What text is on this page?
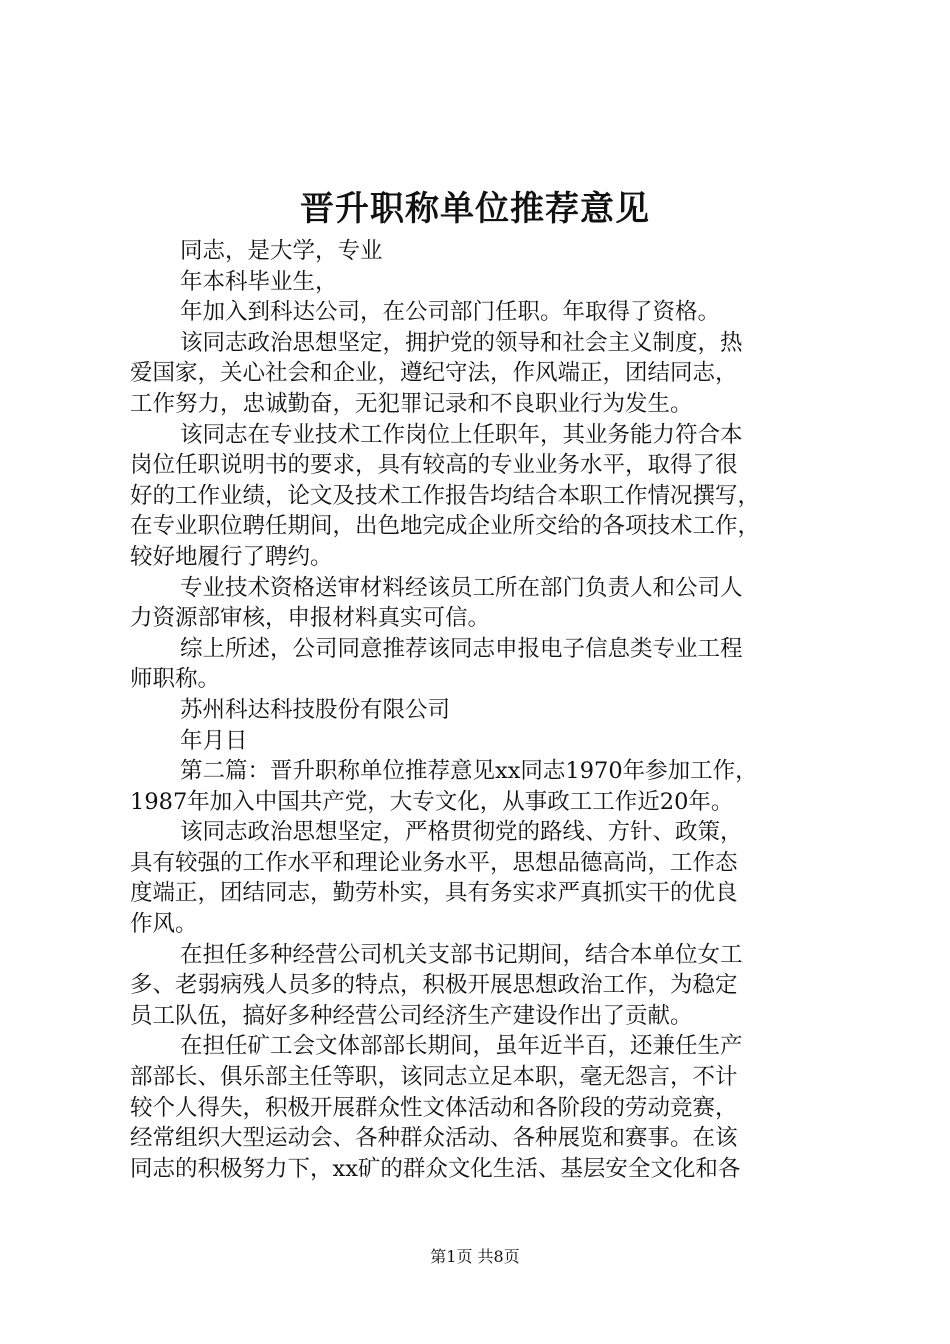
晋升职称单位推荐意见
同志，是大学，专业
年本科毕业生，
年加入到科达公司，在公司部门任职。年取得了资格。
该同志政治思想坚定，拥护党的领导和社会主义制度，热
爱国家，关心社会和企业，遵纪守法，作风端正，团结同志，
工作努力，忠诚勤奋，无犯罪记录和不良职业行为发生。
该同志在专业技术工作岗位上任职年，其业务能力符合本
岗位任职说明书的要求，具有较高的专业业务水平，取得了很
好的工作业绩，论文及技术工作报告均结合本职工作情况撰写，
在专业职位聘任期间，出色地完成企业所交给的各项技术工作，
较好地履行了聘约。
专业技术资格送审材料经该员工所在部门负责人和公司人
力资源部审核，申报材料真实可信。
综上所述，公司同意推荐该同志申报电子信息类专业工程
师职称。
苏州科达科技股份有限公司
年月日
第二篇：晋升职称单位推荐意见xx同志1970年参加工作，
1987年加入中国共产党，大专文化，从事政工工作近20年。
该同志政治思想坚定，严格贯彻党的路线、方针、政策，
具有较强的工作水平和理论业务水平，思想品德高尚，工作态
度端正，团结同志，勤劳朴实，具有务实求严真抓实干的优良
作风。
在担任多种经营公司机关支部书记期间，结合本单位女工
多、老弱病残人员多的特点，积极开展思想政治工作，为稳定
员工队伍，搞好多种经营公司经济生产建设作出了贡献。
在担任矿工会文体部部长期间，虽年近半百，还兼任生产
部部长、俱乐部主任等职，该同志立足本职，毫无怨言，不计
较个人得失，积极开展群众性文体活动和各阶段的劳动竞赛，
经常组织大型运动会、各种群众活动、各种展览和赛事。在该
同志的积极努力下，xx矿的群众文化生活、基层安全文化和各
第1页 共8页
